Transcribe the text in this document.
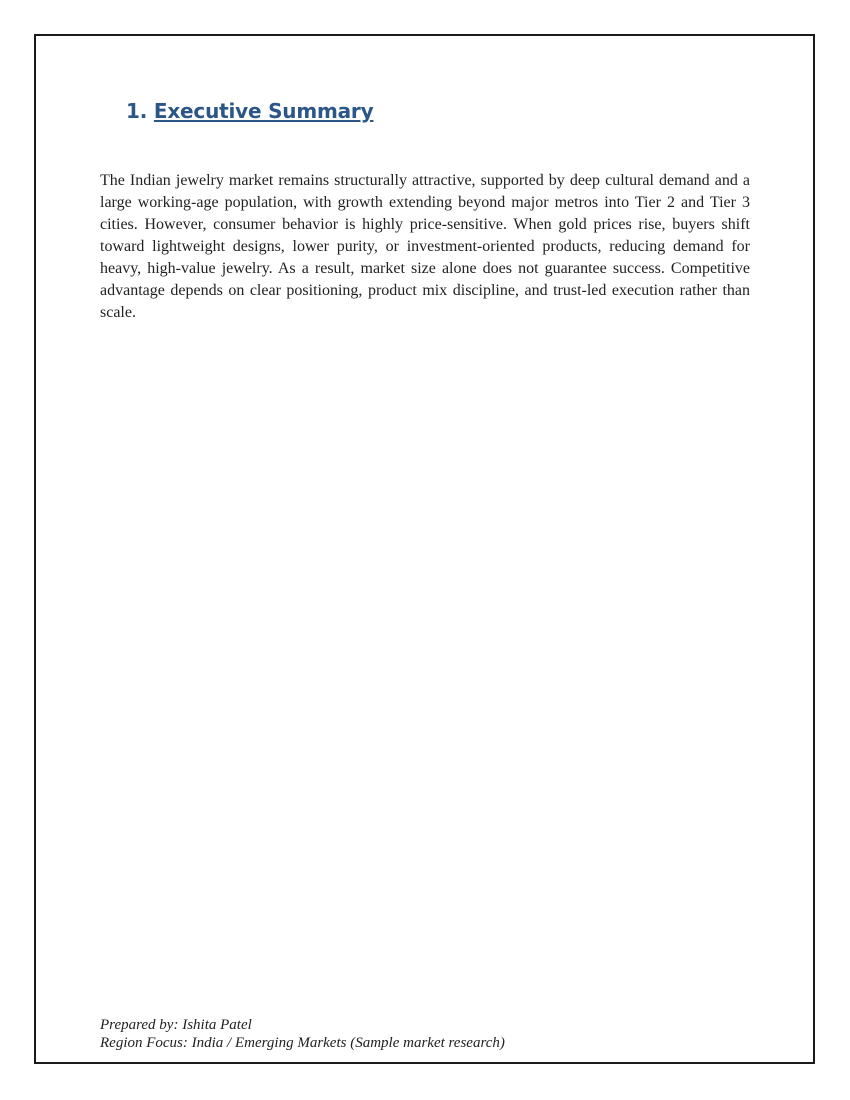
1. Executive Summary

The Indian jewelry market remains structurally attractive, supported by deep cultural demand and a large working-age population, with growth extending beyond major metros into Tier 2 and Tier 3 cities. However, consumer behavior is highly price-sensitive. When gold prices rise, buyers shift toward lightweight designs, lower purity, or investment-oriented products, reducing demand for heavy, high-value jewelry. As a result, market size alone does not guarantee success. Competitive advantage depends on clear positioning, product mix discipline, and trust-led execution rather than scale.

Prepared by: Ishita Patel
Region Focus: India / Emerging Markets (Sample market research)
